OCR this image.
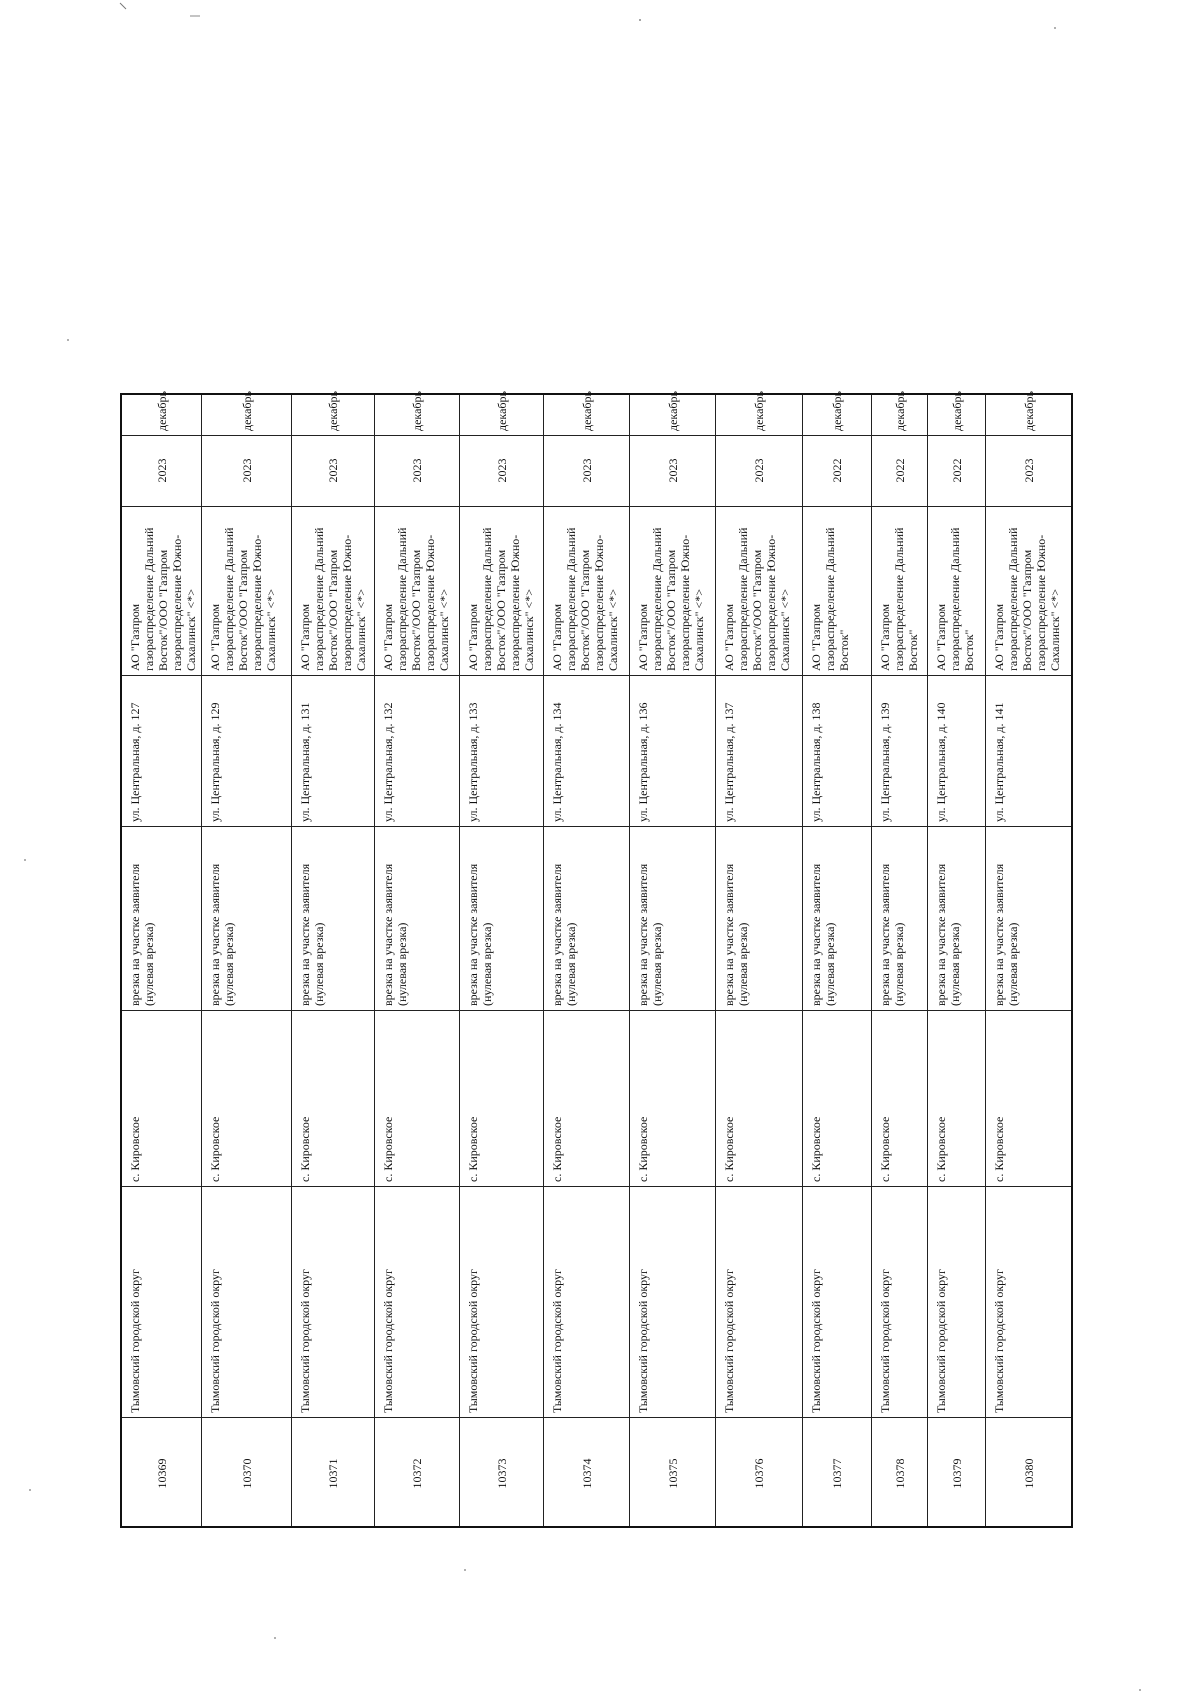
10369
Тымовский городской округ
с. Кировское
врезка на участке заявителя (нулевая врезка)
ул. Центральная, д. 127
АО "Газпром газораспределение Дальний Восток"/ООО "Газпром газораспределение Южно-Сахалинск" <*>
2023
декабрь
10370
Тымовский городской округ
с. Кировское
врезка на участке заявителя (нулевая врезка)
ул. Центральная, д. 129
АО "Газпром газораспределение Дальний Восток"/ООО "Газпром газораспределение Южно-Сахалинск" <*>
2023
декабрь
10371
Тымовский городской округ
с. Кировское
врезка на участке заявителя (нулевая врезка)
ул. Центральная, д. 131
АО "Газпром газораспределение Дальний Восток"/ООО "Газпром газораспределение Южно-Сахалинск" <*>
2023
декабрь
10372
Тымовский городской округ
с. Кировское
врезка на участке заявителя (нулевая врезка)
ул. Центральная, д. 132
АО "Газпром газораспределение Дальний Восток"/ООО "Газпром газораспределение Южно-Сахалинск" <*>
2023
декабрь
10373
Тымовский городской округ
с. Кировское
врезка на участке заявителя (нулевая врезка)
ул. Центральная, д. 133
АО "Газпром газораспределение Дальний Восток"/ООО "Газпром газораспределение Южно-Сахалинск" <*>
2023
декабрь
10374
Тымовский городской округ
с. Кировское
врезка на участке заявителя (нулевая врезка)
ул. Центральная, д. 134
АО "Газпром газораспределение Дальний Восток"/ООО "Газпром газораспределение Южно-Сахалинск" <*>
2023
декабрь
10375
Тымовский городской округ
с. Кировское
врезка на участке заявителя (нулевая врезка)
ул. Центральная, д. 136
АО "Газпром газораспределение Дальний Восток"/ООО "Газпром газораспределение Южно-Сахалинск" <*>
2023
декабрь
10376
Тымовский городской округ
с. Кировское
врезка на участке заявителя (нулевая врезка)
ул. Центральная, д. 137
АО "Газпром газораспределение Дальний Восток"/ООО "Газпром газораспределение Южно-Сахалинск" <*>
2023
декабрь
10377
Тымовский городской округ
с. Кировское
врезка на участке заявителя (нулевая врезка)
ул. Центральная, д. 138
АО "Газпром газораспределение Дальний Восток"
2022
декабрь
10378
Тымовский городской округ
с. Кировское
врезка на участке заявителя (нулевая врезка)
ул. Центральная, д. 139
АО "Газпром газораспределение Дальний Восток"
2022
декабрь
10379
Тымовский городской округ
с. Кировское
врезка на участке заявителя (нулевая врезка)
ул. Центральная, д. 140
АО "Газпром газораспределение Дальний Восток"
2022
декабрь
10380
Тымовский городской округ
с. Кировское
врезка на участке заявителя (нулевая врезка)
ул. Центральная, д. 141
АО "Газпром газораспределение Дальний Восток"/ООО "Газпром газораспределение Южно-Сахалинск" <*>
2023
декабрь
